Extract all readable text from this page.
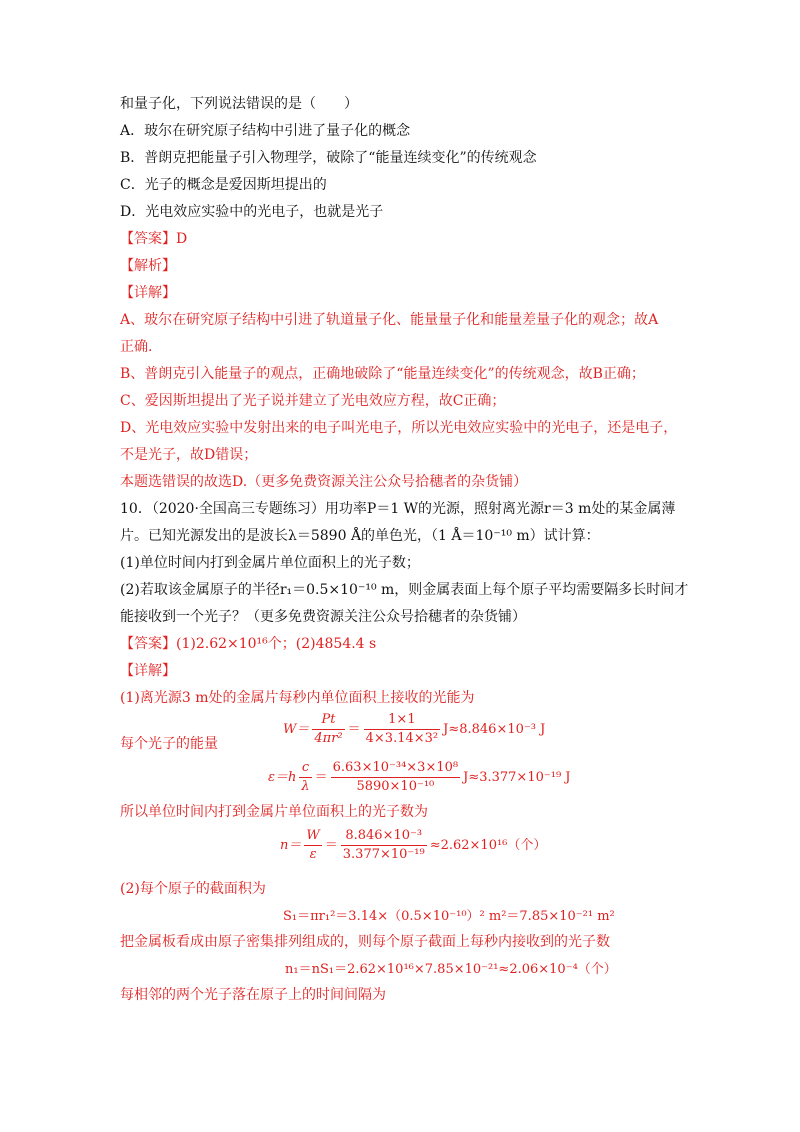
和量子化，下列说法错误的是（　　）
A．玻尔在研究原子结构中引进了量子化的概念
B．普朗克把能量子引入物理学，破除了“能量连续变化”的传统观念
C．光子的概念是爱因斯坦提出的
D．光电效应实验中的光电子，也就是光子
【答案】D
【解析】
【详解】
A、玻尔在研究原子结构中引进了轨道量子化、能量量子化和能量差量子化的观念；故A
正确.
B、普朗克引入能量子的观点，正确地破除了“能量连续变化”的传统观念，故B正确；
C、爱因斯坦提出了光子说并建立了光电效应方程，故C正确；
D、光电效应实验中发射出来的电子叫光电子，所以光电效应实验中的光电子，还是电子，
不是光子，故D错误；
本题选错误的故选D.（更多免费资源关注公众号拾穗者的杂货铺）
10．（2020·全国高三专题练习）用功率P＝1 W的光源，照射离光源r＝3 m处的某金属薄
片。已知光源发出的是波长λ＝5890 Å的单色光，（1 Å＝10⁻¹⁰ m）试计算：
(1)单位时间内打到金属片单位面积上的光子数；
(2)若取该金属原子的半径r₁＝0.5×10⁻¹⁰ m，则金属表面上每个原子平均需要隔多长时间才
能接收到一个光子？（更多免费资源关注公众号拾穗者的杂货铺）
【答案】(1)2.62×10¹⁶个；(2)4854.4 s
【详解】
(1)离光源3 m处的金属片每秒内单位面积上接收的光能为
$W= \frac{Pt}{\text{4πr²}} = \frac{1\times 1}{\text{4×3.14×3²}} J\approx 8.846\times 10^{-3}$ J
每个光子的能量
$\varepsilon=h \frac{c}{\lambda} = \frac{\text{6.63×10⁻³⁴×3×10⁸}}{\text{5890×10⁻¹⁰}} J\approx 3.377\times 10^{-19}$ J
所以单位时间内打到金属片单位面积上的光子数为
$n= \frac{W}{\varepsilon} = \frac{\text{8.846×10⁻³}}{\text{3.377×10⁻¹⁹}} \approx 2.62\times 10^{16}$（个）
(2)每个原子的截面积为
S₁＝πr₁²＝3.14×（0.5×10⁻¹⁰）² m²＝7.85×10⁻²¹ m²
把金属板看成由原子密集排列组成的，则每个原子截面上每秒内接收到的光子数
n₁＝nS₁＝2.62×10¹⁶×7.85×10⁻²¹≈2.06×10⁻⁴（个）
每相邻的两个光子落在原子上的时间间隔为
